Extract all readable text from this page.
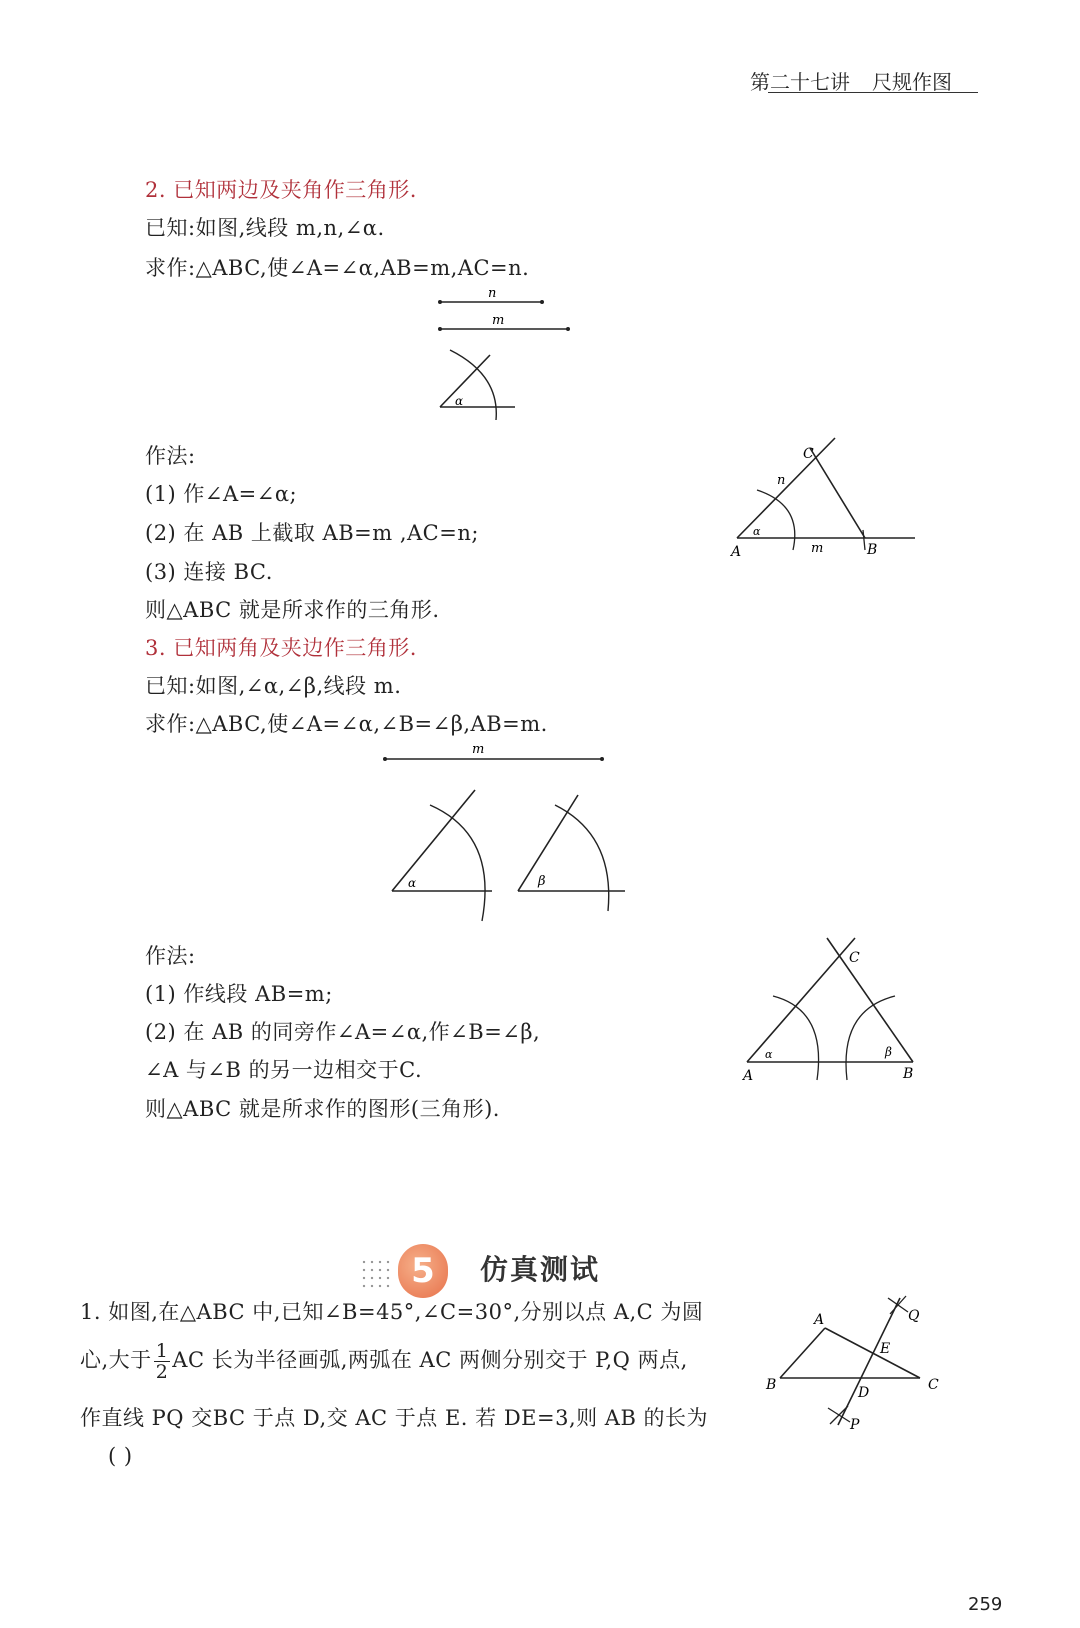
第二十七讲 尺规作图
2. 已知两边及夹角作三角形.
已知:如图,线段 m,n,∠α.
求作:△ABC,使∠A=∠α,AB=m,AC=n.
n
m
α
作法:
(1) 作∠A=∠α;
(2) 在 AB 上截取 AB=m ,AC=n;
(3) 连接 BC.
则△ABC 就是所求作的三角形.
C
n
α
A	m	B
3. 已知两角及夹边作三角形.
已知:如图,∠α,∠β,线段 m.
求作:△ABC,使∠A=∠α,∠B=∠β,AB=m.
m
α	β
作法:
(1) 作线段 AB=m;
(2) 在 AB 的同旁作∠A=∠α,作∠B=∠β,
∠A 与∠B 的另一边相交于C.
则△ABC 就是所求作的图形(三角形).
C
α	β
A	B
5	仿真测试
1. 如图,在△ABC 中,已知∠B=45°,∠C=30°,分别以点 A,C 为圆
心,大于 $\frac{1}{2}$ AC 长为半径画弧,两弧在 AC 两侧分别交于 P,Q 两点,
作直线 PQ 交BC 于点 D,交 AC 于点 E. 若 DE=3,则 AB 的长为
( )
Q
A
E
B	C
D
P
259
